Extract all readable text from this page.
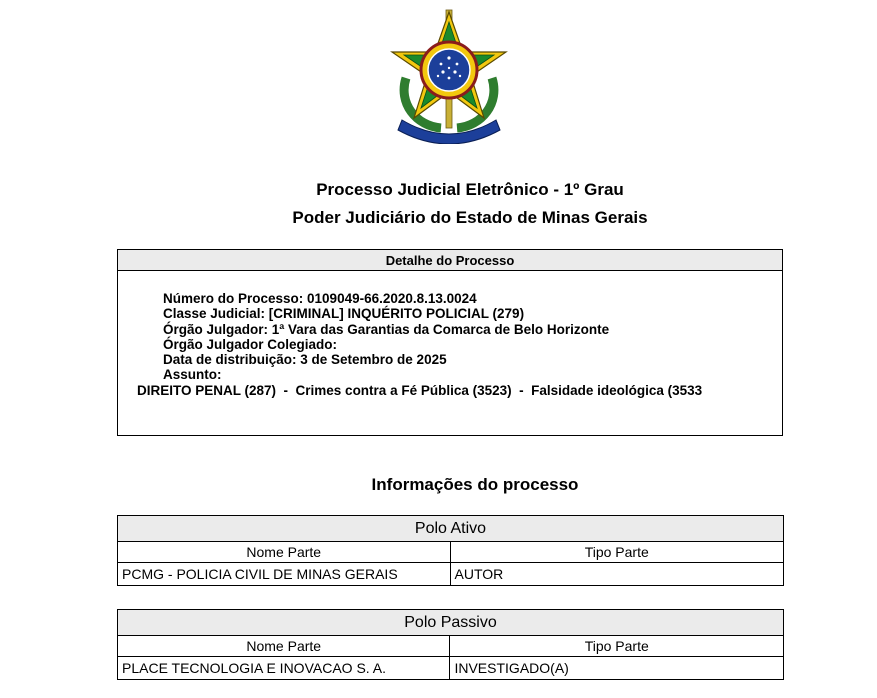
Processo Judicial Eletrônico - 1º Grau
Poder Judiciário do Estado de Minas Gerais
Detalhe do Processo
Número do Processo: 0109049-66.2020.8.13.0024
Classe Judicial: [CRIMINAL] INQUÉRITO POLICIAL (279)
Órgão Julgador: 1ª Vara das Garantias da Comarca de Belo Horizonte
Órgão Julgador Colegiado:
Data de distribuição: 3 de Setembro de 2025
Assunto:
DIREITO PENAL (287)  -  Crimes contra a Fé Pública (3523)  -  Falsidade ideológica (3533
Informações do processo
Polo Ativo	
Nome Parte	Tipo Parte
PCMG - POLICIA CIVIL DE MINAS GERAIS	AUTOR
Polo Passivo	
Nome Parte	Tipo Parte
PLACE TECNOLOGIA E INOVACAO S. A.	INVESTIGADO(A)
